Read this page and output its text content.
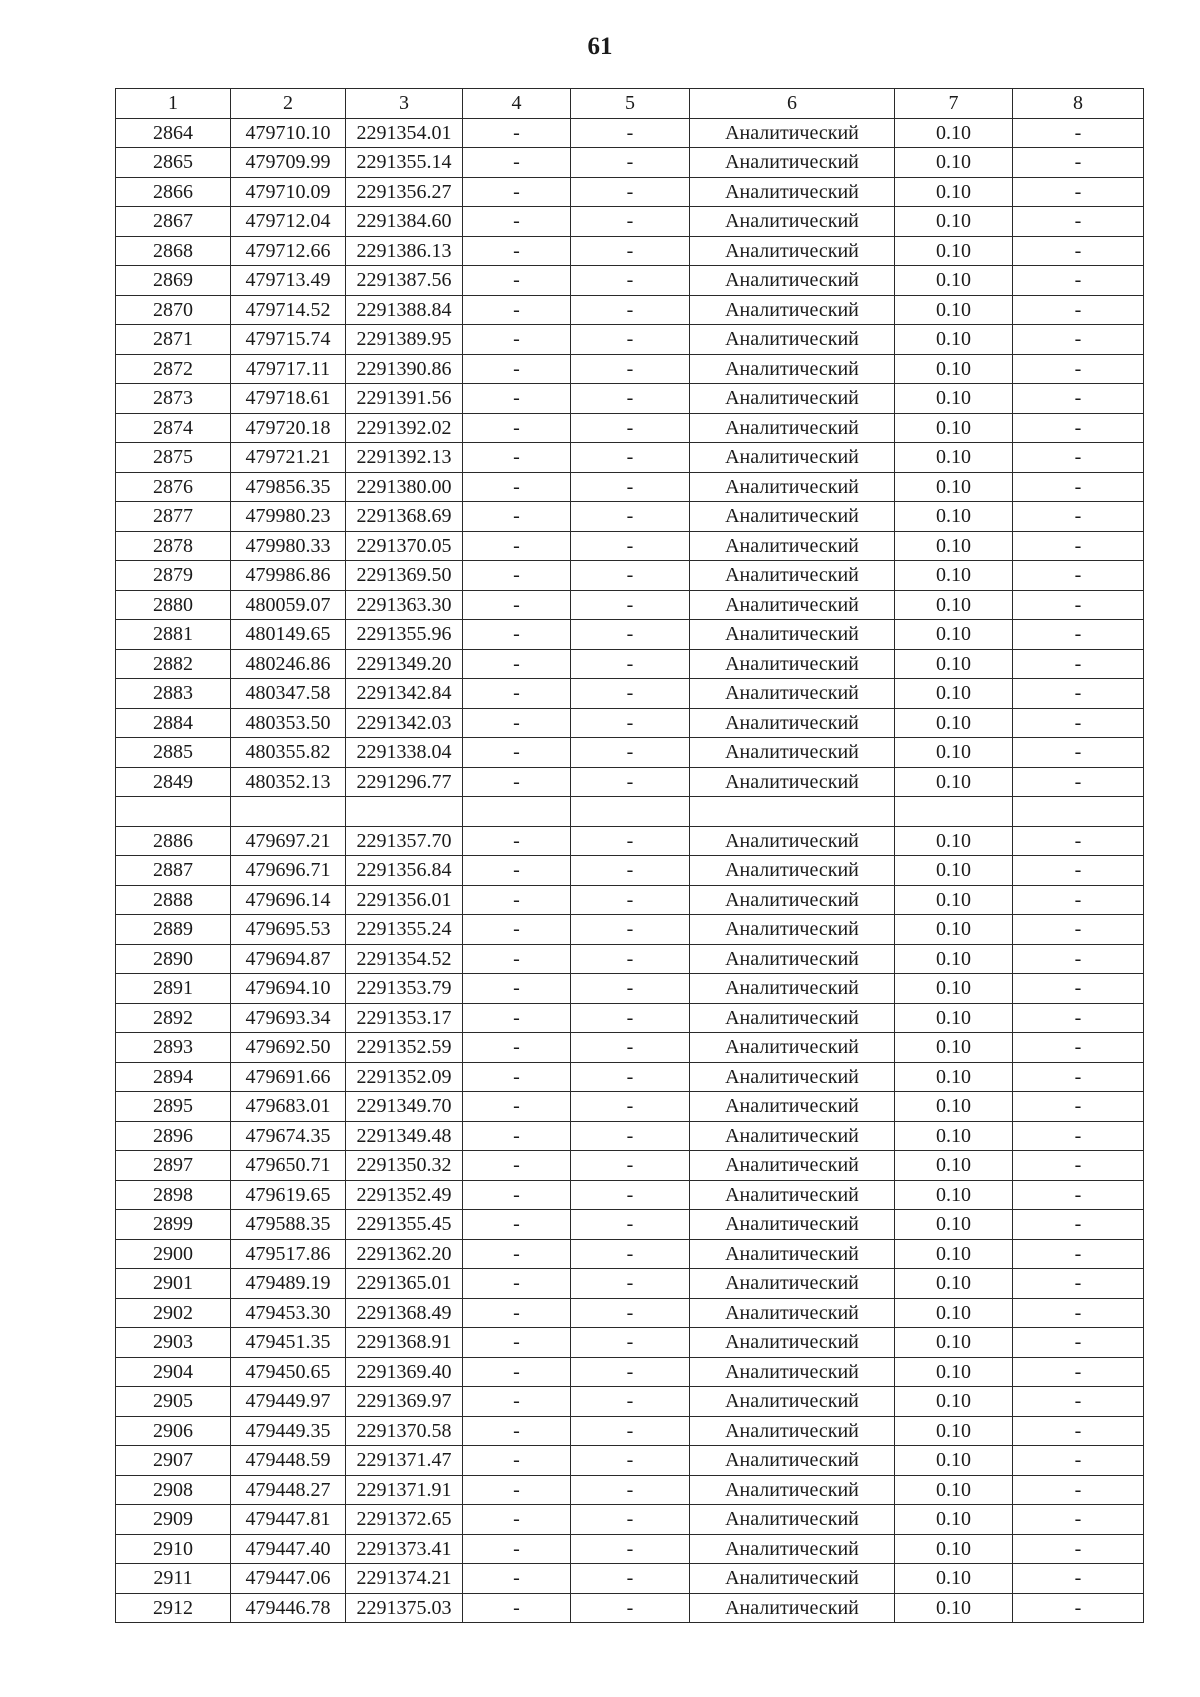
61
1	2	3	4	5	6	7	8
2864	479710.10	2291354.01	-	-	Аналитический	0.10	-
2865	479709.99	2291355.14	-	-	Аналитический	0.10	-
2866	479710.09	2291356.27	-	-	Аналитический	0.10	-
2867	479712.04	2291384.60	-	-	Аналитический	0.10	-
2868	479712.66	2291386.13	-	-	Аналитический	0.10	-
2869	479713.49	2291387.56	-	-	Аналитический	0.10	-
2870	479714.52	2291388.84	-	-	Аналитический	0.10	-
2871	479715.74	2291389.95	-	-	Аналитический	0.10	-
2872	479717.11	2291390.86	-	-	Аналитический	0.10	-
2873	479718.61	2291391.56	-	-	Аналитический	0.10	-
2874	479720.18	2291392.02	-	-	Аналитический	0.10	-
2875	479721.21	2291392.13	-	-	Аналитический	0.10	-
2876	479856.35	2291380.00	-	-	Аналитический	0.10	-
2877	479980.23	2291368.69	-	-	Аналитический	0.10	-
2878	479980.33	2291370.05	-	-	Аналитический	0.10	-
2879	479986.86	2291369.50	-	-	Аналитический	0.10	-
2880	480059.07	2291363.30	-	-	Аналитический	0.10	-
2881	480149.65	2291355.96	-	-	Аналитический	0.10	-
2882	480246.86	2291349.20	-	-	Аналитический	0.10	-
2883	480347.58	2291342.84	-	-	Аналитический	0.10	-
2884	480353.50	2291342.03	-	-	Аналитический	0.10	-
2885	480355.82	2291338.04	-	-	Аналитический	0.10	-
2849	480352.13	2291296.77	-	-	Аналитический	0.10	-

2886	479697.21	2291357.70	-	-	Аналитический	0.10	-
2887	479696.71	2291356.84	-	-	Аналитический	0.10	-
2888	479696.14	2291356.01	-	-	Аналитический	0.10	-
2889	479695.53	2291355.24	-	-	Аналитический	0.10	-
2890	479694.87	2291354.52	-	-	Аналитический	0.10	-
2891	479694.10	2291353.79	-	-	Аналитический	0.10	-
2892	479693.34	2291353.17	-	-	Аналитический	0.10	-
2893	479692.50	2291352.59	-	-	Аналитический	0.10	-
2894	479691.66	2291352.09	-	-	Аналитический	0.10	-
2895	479683.01	2291349.70	-	-	Аналитический	0.10	-
2896	479674.35	2291349.48	-	-	Аналитический	0.10	-
2897	479650.71	2291350.32	-	-	Аналитический	0.10	-
2898	479619.65	2291352.49	-	-	Аналитический	0.10	-
2899	479588.35	2291355.45	-	-	Аналитический	0.10	-
2900	479517.86	2291362.20	-	-	Аналитический	0.10	-
2901	479489.19	2291365.01	-	-	Аналитический	0.10	-
2902	479453.30	2291368.49	-	-	Аналитический	0.10	-
2903	479451.35	2291368.91	-	-	Аналитический	0.10	-
2904	479450.65	2291369.40	-	-	Аналитический	0.10	-
2905	479449.97	2291369.97	-	-	Аналитический	0.10	-
2906	479449.35	2291370.58	-	-	Аналитический	0.10	-
2907	479448.59	2291371.47	-	-	Аналитический	0.10	-
2908	479448.27	2291371.91	-	-	Аналитический	0.10	-
2909	479447.81	2291372.65	-	-	Аналитический	0.10	-
2910	479447.40	2291373.41	-	-	Аналитический	0.10	-
2911	479447.06	2291374.21	-	-	Аналитический	0.10	-
2912	479446.78	2291375.03	-	-	Аналитический	0.10	-
